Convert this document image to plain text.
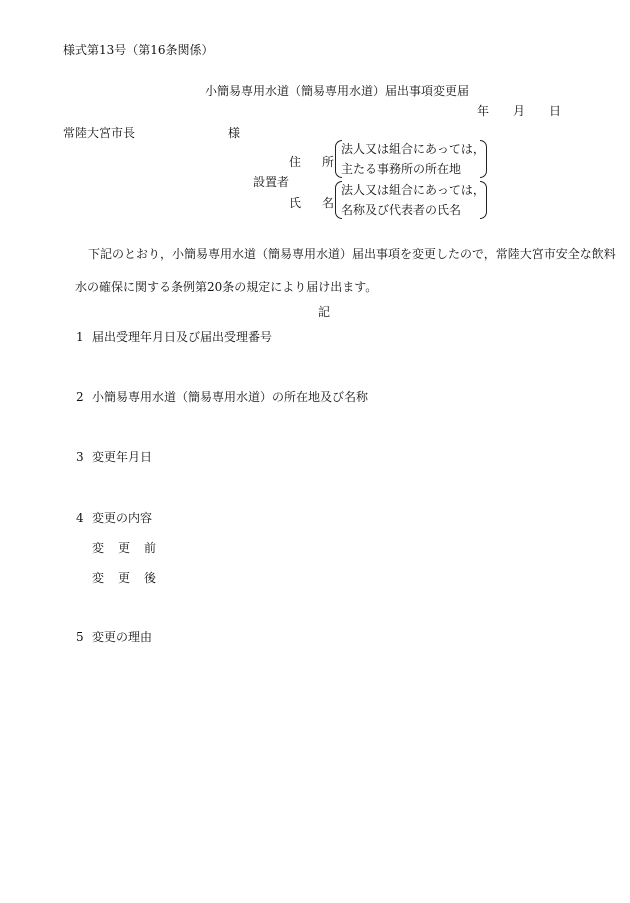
様式第13号（第16条関係）
小簡易専用水道（簡易専用水道）届出事項変更届
年 月 日
常陸大宮市長	様
住 所
法人又は組合にあっては，
主たる事務所の所在地
設置者
氏 名
法人又は組合にあっては，
名称及び代表者の氏名
下記のとおり，小簡易専用水道（簡易専用水道）届出事項を変更したので，常陸大宮市安全な飲料
水の確保に関する条例第20条の規定により届け出ます。
記
1 届出受理年月日及び届出受理番号
2 小簡易専用水道（簡易専用水道）の所在地及び名称
3 変更年月日
4 変更の内容
変更前
変更後
5 変更の理由
